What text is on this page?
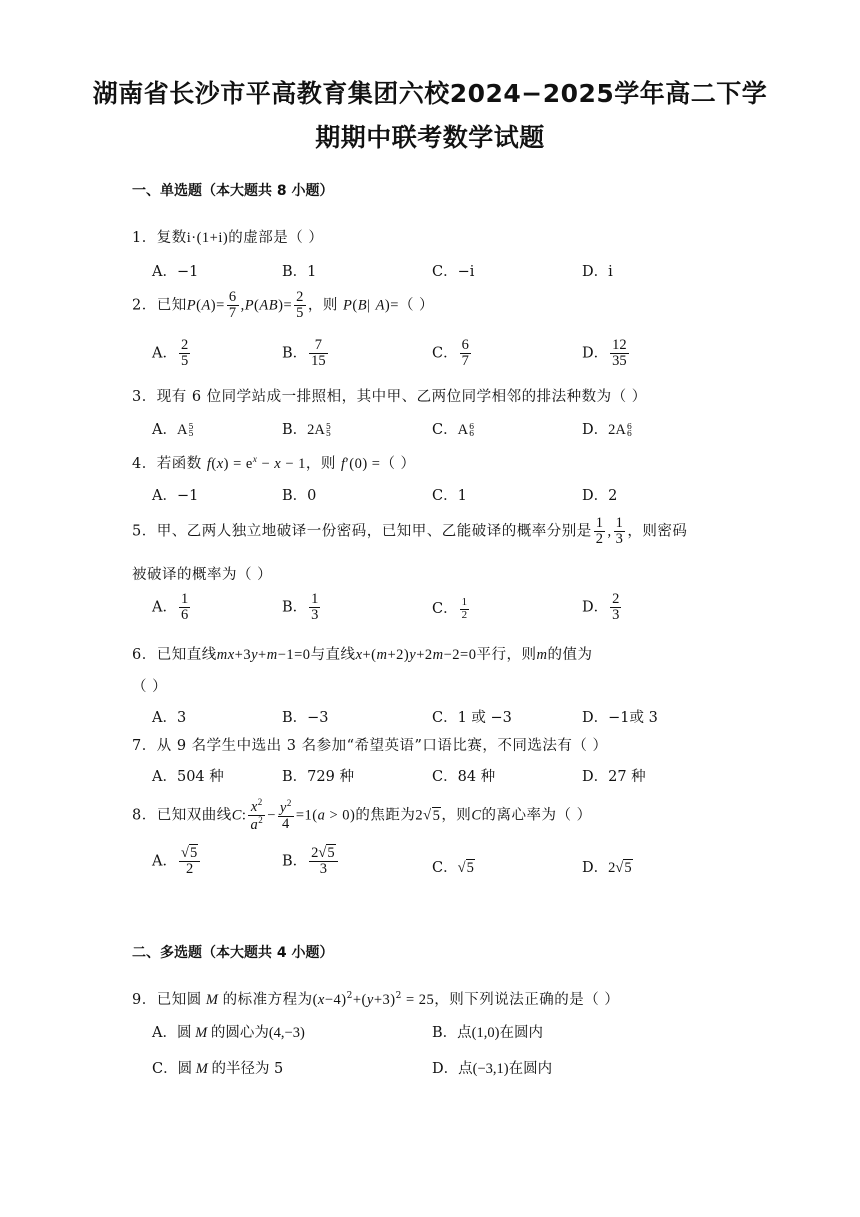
湖南省长沙市平高教育集团六校2024−2025学年高二下学
期期中联考数学试题
一、单选题（本大题共 8 小题）
1．复数i·(1+i)的虚部是（ ）
A．−1	B．1	C．−i	D．i
2．已知$P(A)= \frac{6}{7} ,P(AB)= \frac{2}{5}$ ，则 P(B| A)=（ ）
A． $\frac{2}{5}$	B． $\frac{7}{15}$	C． $\frac{6}{7}$	D． $\frac{12}{35}$
3．现有 6 位同学站成一排照相，其中甲、乙两位同学相邻的排法种数为（ ）
A．A 5
5	B．2A 5
5	C．A 6
6	D．2A 6
6
4．若函数 $f(x) = e^x - x - 1$，则 f′(0) =（ ）
A．−1	B．0	C．1	D．2
5．甲、乙两人独立地破译一份密码，已知甲、乙能破译的概率分别是 $\frac{1}{2}$ , $\frac{1}{3}$ ，则密码
被破译的概率为（ ）
A． $\frac{1}{6}$	B． $\frac{1}{3}$	C． $\frac{1}{2}$	D． $\frac{2}{3}$
6．已知直线mx+3y+m−1=0与直线x+(m+2)y+2m−2=0平行，则m的值为
（ ）
A．3	B．−3	C．1 或 −3	D．−1或 3
7．从 9 名学生中选出 3 名参加“希望英语”口语比赛，不同选法有（ ）
A．504 种	B．729 种	C．84 种	D．27 种
8．已知双曲线C: $\frac{x^2}{a^2} - \frac{y^2}{4} =1(a > 0)$的焦距为2√5，则C的离心率为（ ）
A． $\frac{√5}{2}$	B． $\frac{2√5}{3}$	C．√5	D．2√5
二、多选题（本大题共 4 小题）
9．已知圆 M 的标准方程为$(x-4)^2+(y+3)^2 = 25$，则下列说法正确的是（ ）
A．圆 M 的圆心为(4,−3)	B．点(1,0)在圆内
C．圆 M 的半径为 5	D．点(−3,1)在圆内
